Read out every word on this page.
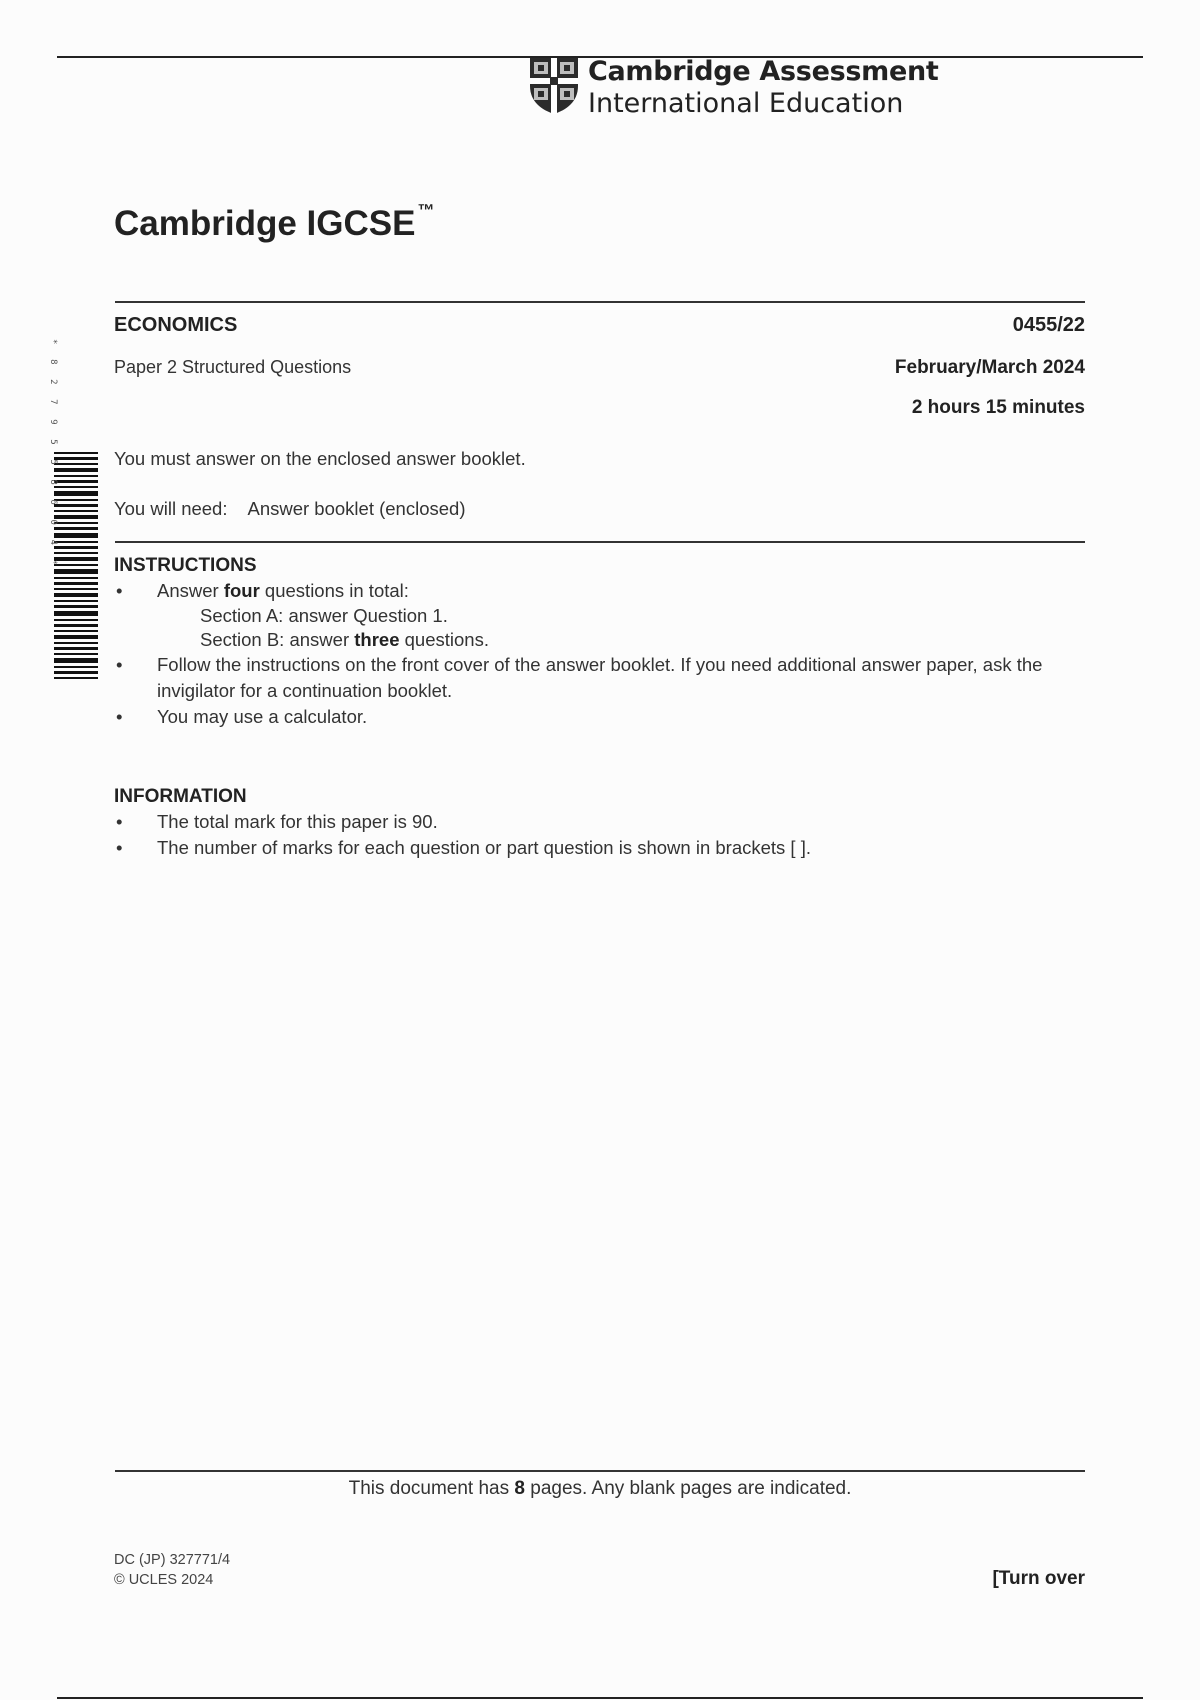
Cambridge Assessment
International Education
Cambridge IGCSE ™
ECONOMICS	0455/22
Paper 2 Structured Questions	February/March 2024
2 hours 15 minutes
*8279558604*
You must answer on the enclosed answer booklet.
You will need: Answer booklet (enclosed)
INSTRUCTIONS
• Answer four questions in total:
Section A: answer Question 1.
Section B: answer three questions.
• Follow the instructions on the front cover of the answer booklet. If you need additional answer paper, ask the invigilator for a continuation booklet.
• You may use a calculator.
INFORMATION
• The total mark for this paper is 90.
• The number of marks for each question or part question is shown in brackets [ ].
This document has 8 pages. Any blank pages are indicated.
DC (JP) 327771/4
© UCLES 2024	[Turn over
